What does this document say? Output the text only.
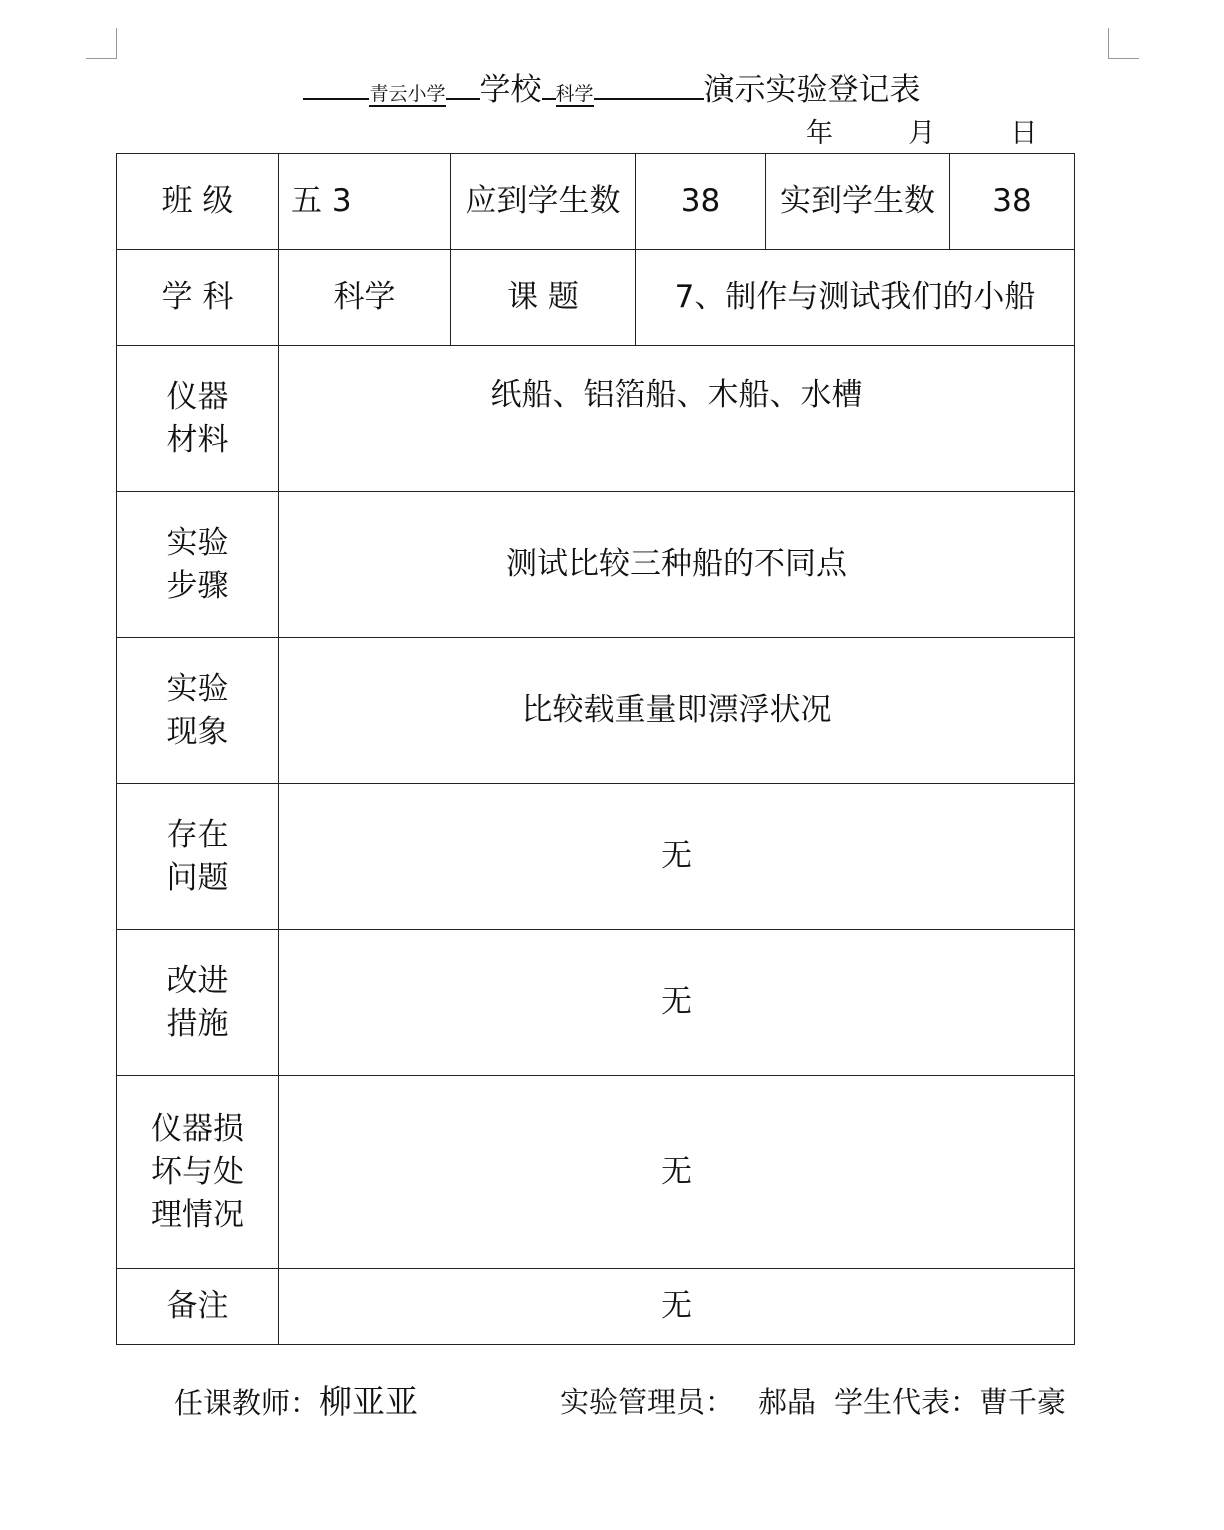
青云小学 学校 科学	演示实验登记表
年	月	日
班 级	五 3	应到学生数	38	实到学生数	38
学 科	科学	课 题	7、制作与测试我们的小船		

仪器
材料	纸船、铝箔船、木船、水槽				

实验
步骤	测试比较三种船的不同点				

实验
现象	比较载重量即漂浮状况				

存在
问题	无				

改进
措施	无				

仪器损
坏与处
理情况	无				
备注	无				
任课教师：柳亚亚	实验管理员： 郝晶 学生代表：曹千豪
